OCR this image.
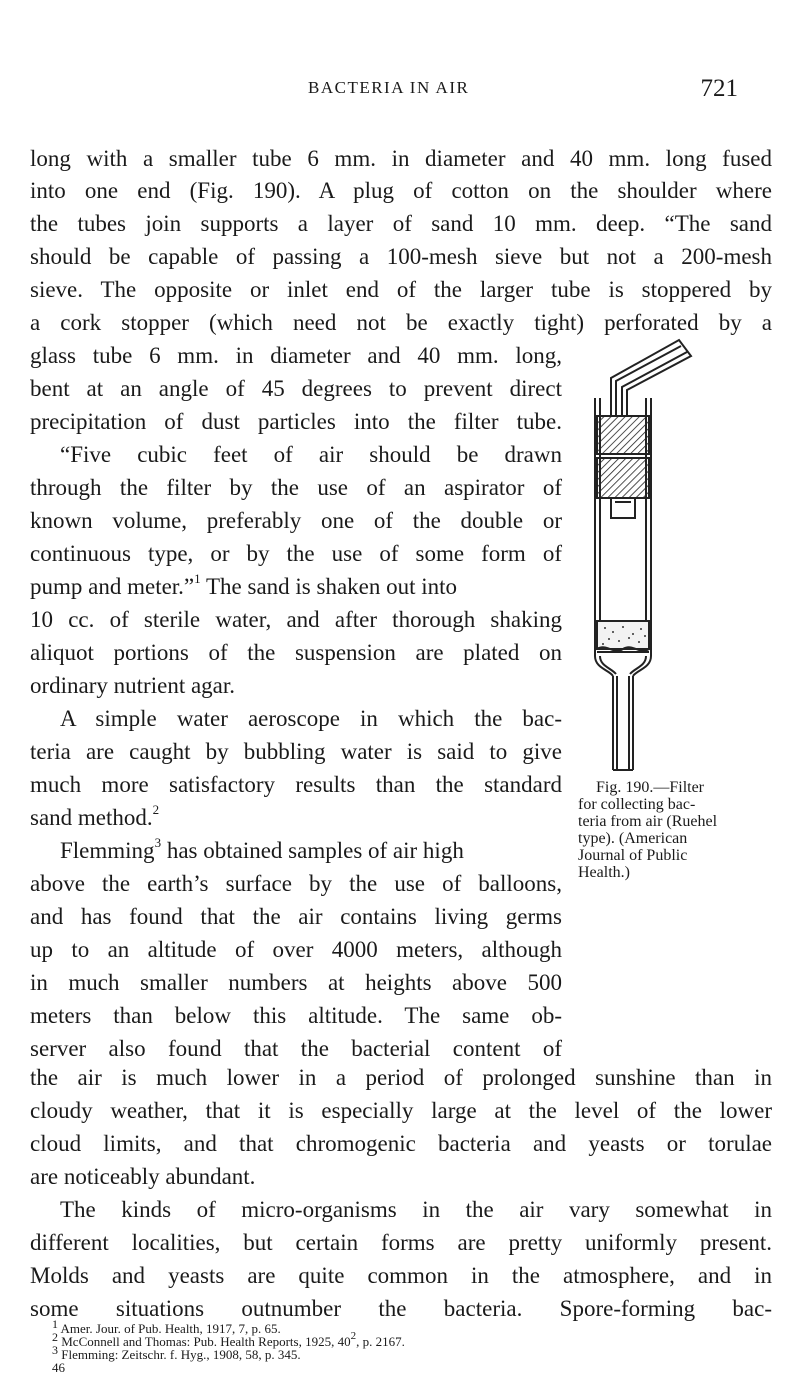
BACTERIA IN AIR	721
long with a smaller tube 6 mm. in diameter and 40 mm. long fused
into one end (Fig. 190). A plug of cotton on the shoulder where
the tubes join supports a layer of sand 10 mm. deep. “The sand
should be capable of passing a 100-mesh sieve but not a 200-mesh
sieve. The opposite or inlet end of the larger tube is stoppered by
a cork stopper (which need not be exactly tight) perforated by a
glass tube 6 mm. in diameter and 40 mm. long,
bent at an angle of 45 degrees to prevent direct
precipitation of dust particles into the filter tube.
“Five cubic feet of air should be drawn
through the filter by the use of an aspirator of
known volume, preferably one of the double or
continuous type, or by the use of some form of
pump and meter.”$^1$ The sand is shaken out into
10 cc. of sterile water, and after thorough shaking
aliquot portions of the suspension are plated on
ordinary nutrient agar.
A simple water aeroscope in which the bac-
teria are caught by bubbling water is said to give
much more satisfactory results than the standard
sand method.$^2$
Flemming$^3$ has obtained samples of air high
above the earth’s surface by the use of balloons,
and has found that the air contains living germs
up to an altitude of over 4000 meters, although
in much smaller numbers at heights above 500
meters than below this altitude. The same ob-
server also found that the bacterial content of
the air is much lower in a period of prolonged sunshine than in
cloudy weather, that it is especially large at the level of the lower
cloud limits, and that chromogenic bacteria and yeasts or torulae
are noticeably abundant.
The kinds of micro-organisms in the air vary somewhat in
different localities, but certain forms are pretty uniformly present.
Molds and yeasts are quite common in the atmosphere, and in
some situations outnumber the bacteria. Spore-forming bac-
Fig. 190.—Filter
for collecting bac-
teria from air (Ruehel
type). (American
Journal of Public
Health.)
1 Amer. Jour. of Pub. Health, 1917, 7, p. 65.
2 McConnell and Thomas: Pub. Health Reports, 1925, $40^2$, p. 2167.
3 Flemming: Zeitschr. f. Hyg., 1908, 58, p. 345.
46
